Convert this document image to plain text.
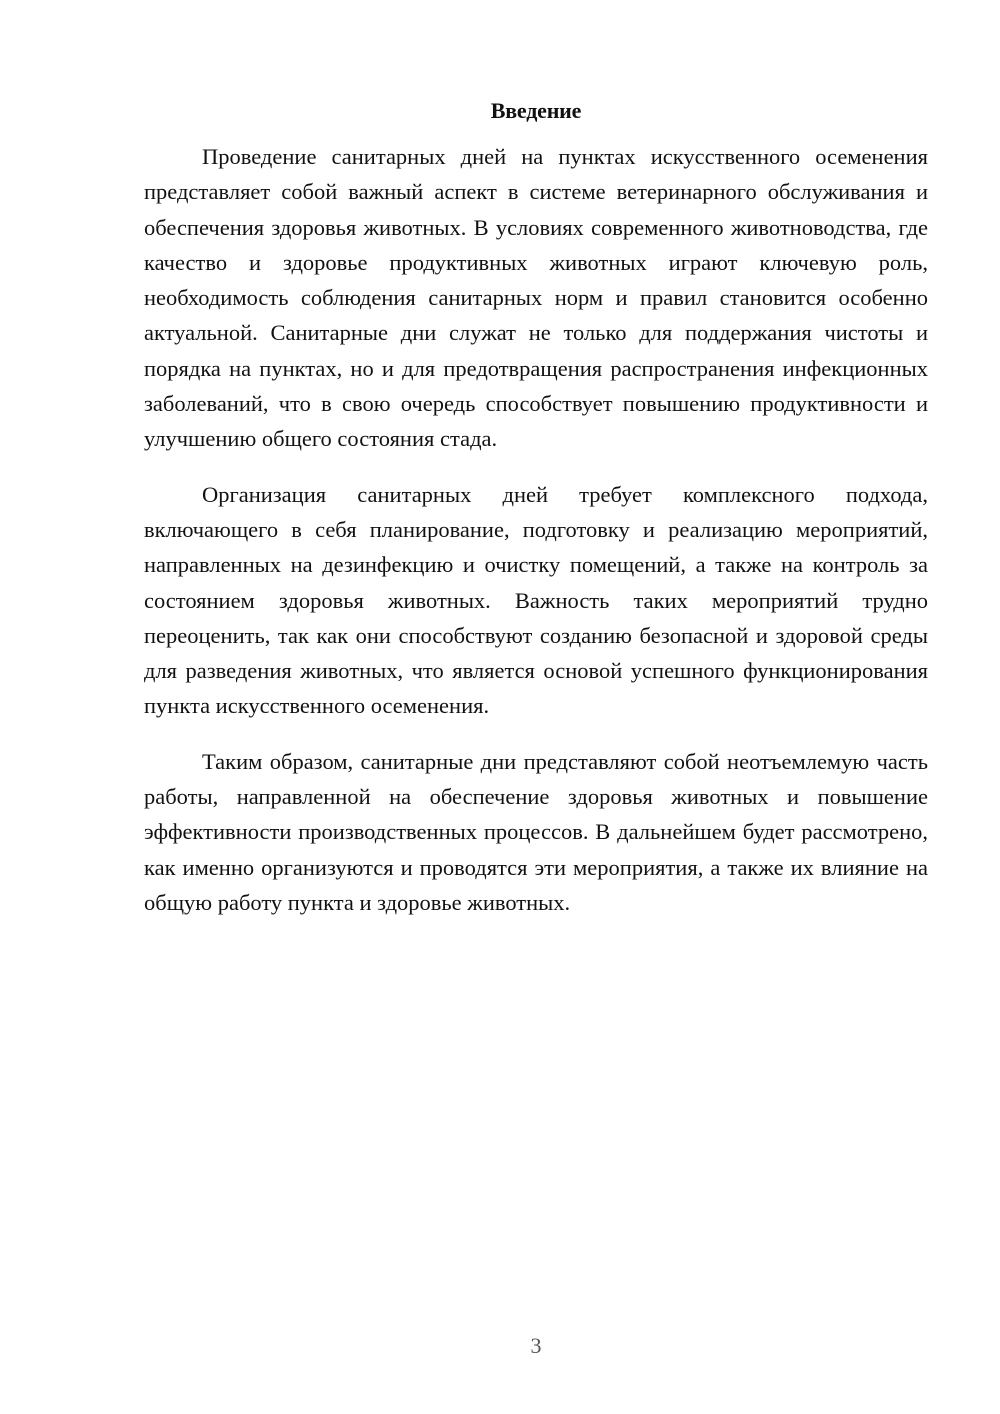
Введение

Проведение санитарных дней на пунктах искусственного осеменения представляет собой важный аспект в системе ветеринарного обслуживания и обеспечения здоровья животных. В условиях современного животноводства, где качество и здоровье продуктивных животных играют ключевую роль, необходимость соблюдения санитарных норм и правил становится особенно актуальной. Санитарные дни служат не только для поддержания чистоты и порядка на пунктах, но и для предотвращения распространения инфекционных заболеваний, что в свою очередь способствует повышению продуктивности и улучшению общего состояния стада.

Организация санитарных дней требует комплексного подхода, включающего в себя планирование, подготовку и реализацию мероприятий, направленных на дезинфекцию и очистку помещений, а также на контроль за состоянием здоровья животных. Важность таких мероприятий трудно переоценить, так как они способствуют созданию безопасной и здоровой среды для разведения животных, что является основой успешного функционирования пункта искусственного осеменения.

Таким образом, санитарные дни представляют собой неотъемлемую часть работы, направленной на обеспечение здоровья животных и повышение эффективности производственных процессов. В дальнейшем будет рассмотрено, как именно организуются и проводятся эти мероприятия, а также их влияние на общую работу пункта и здоровье животных.

3
